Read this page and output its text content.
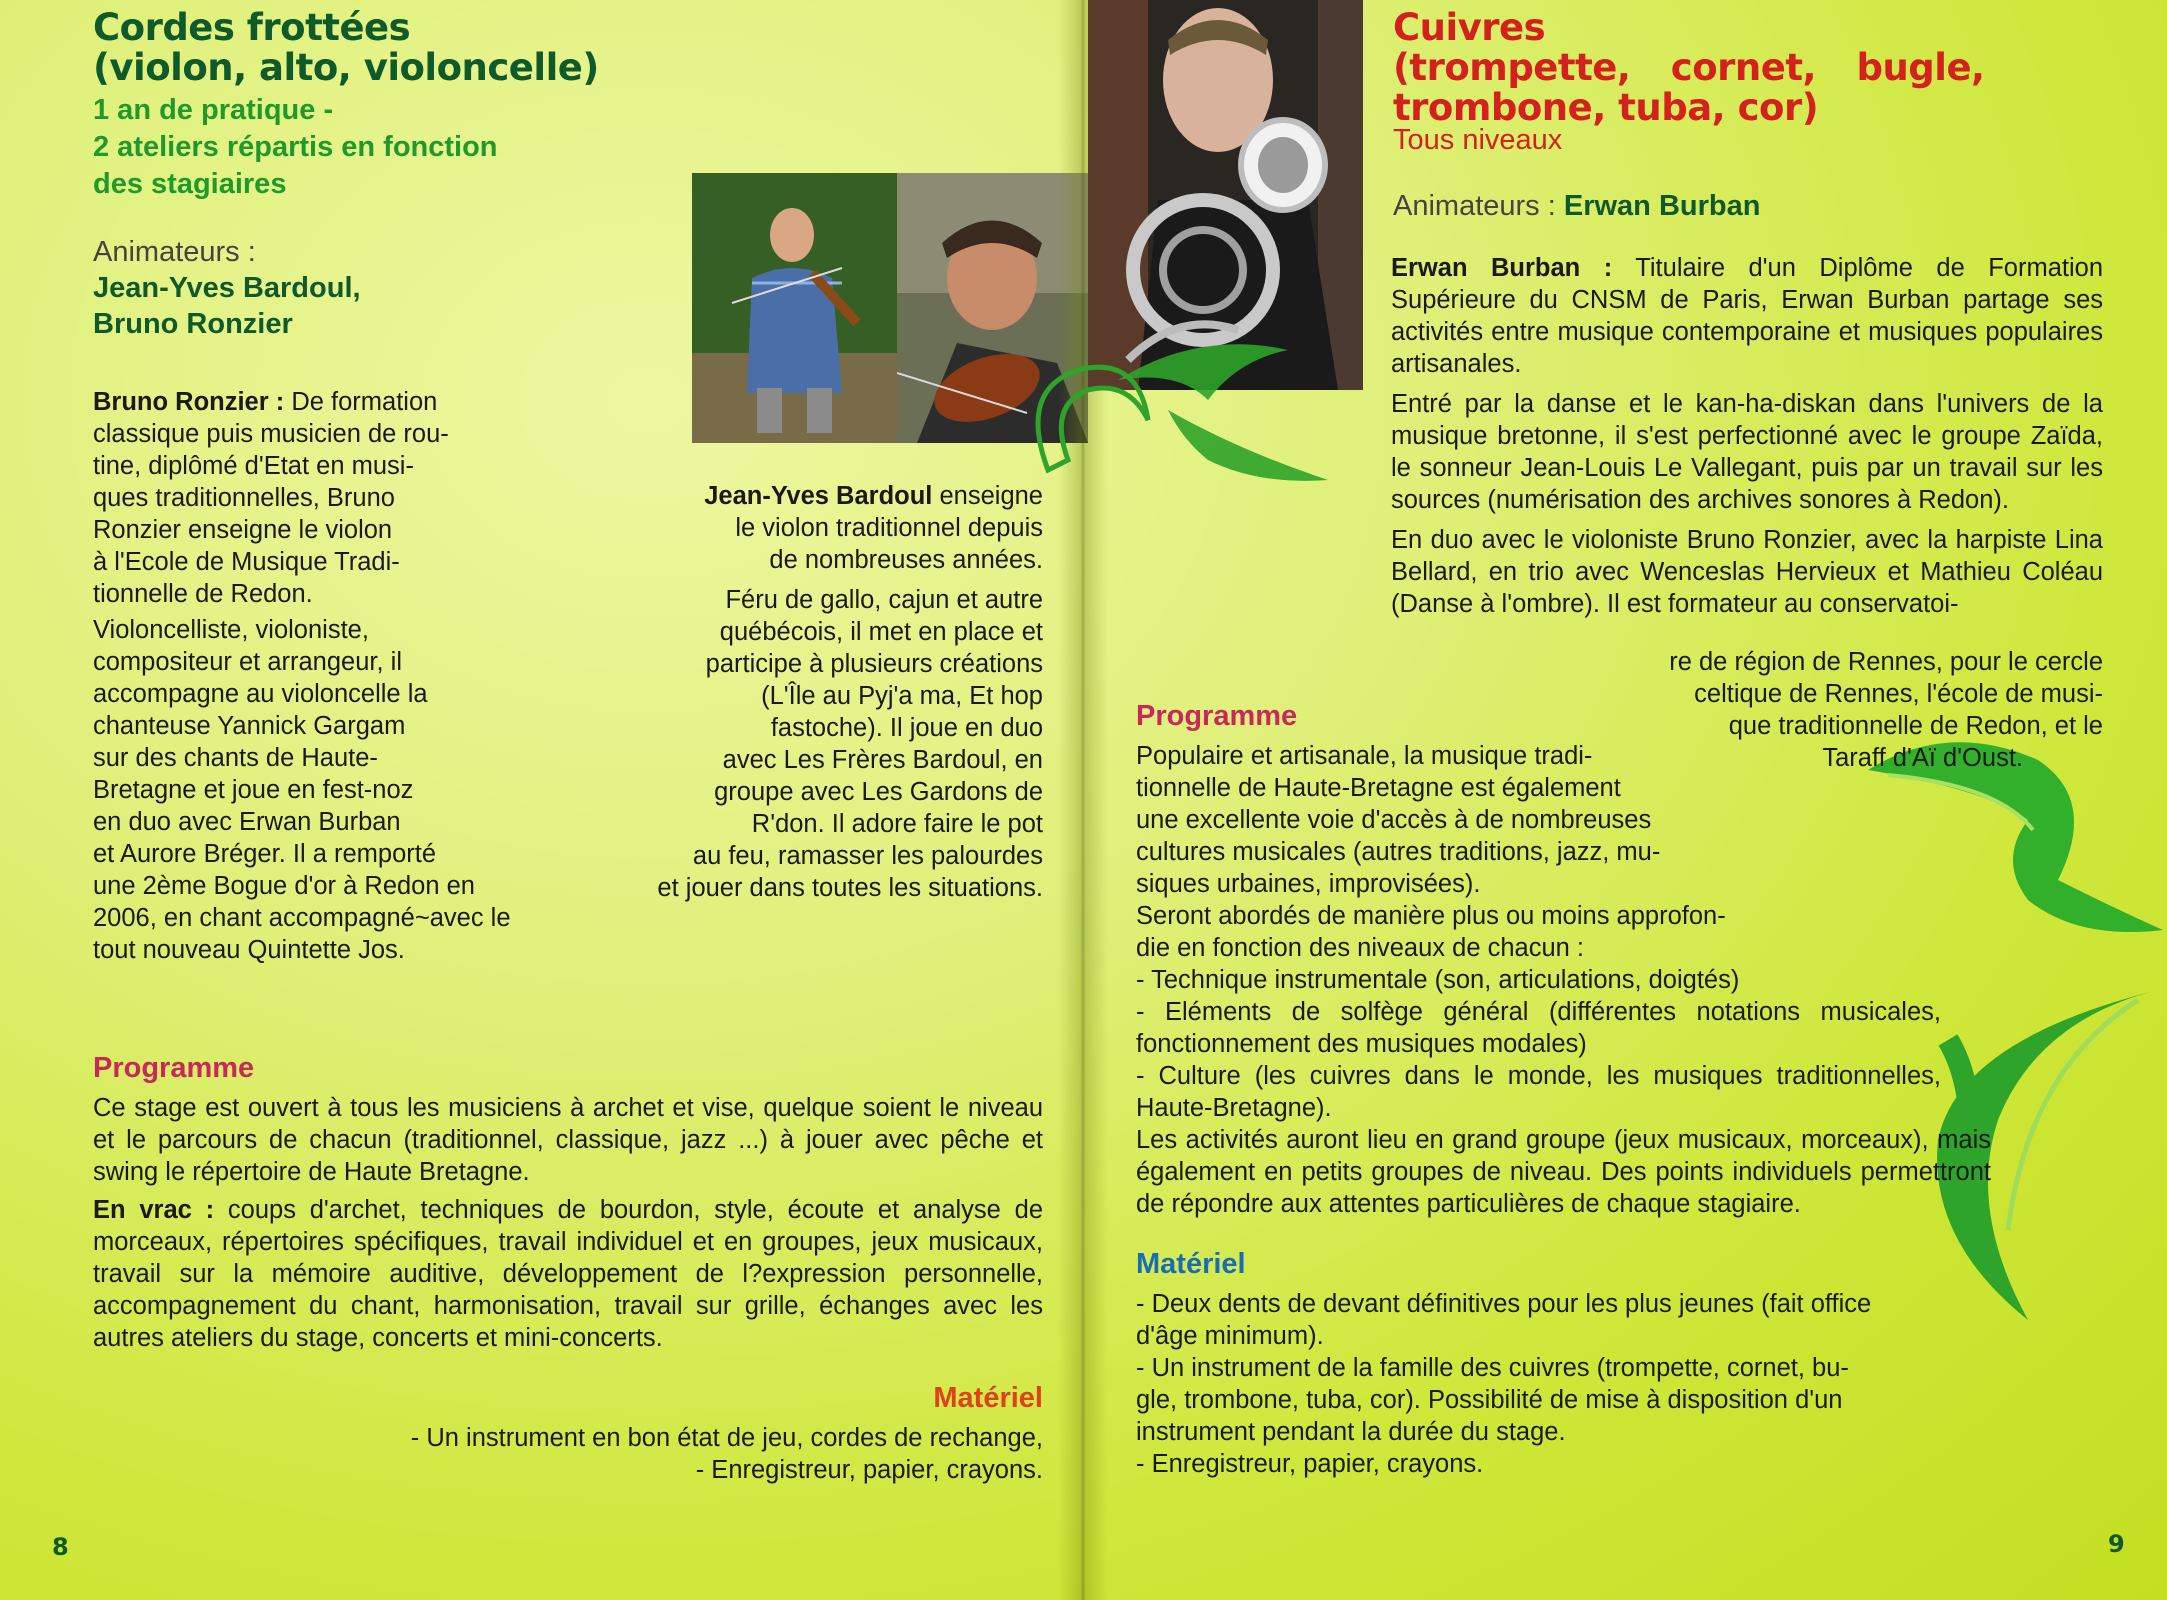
Cordes frottées
(violon, alto, violoncelle)
1 an de pratique -
2 ateliers répartis en fonction
des stagiaires
Animateurs :
Jean-Yves Bardoul,
Bruno Ronzier

Bruno Ronzier : De formation

classique puis musicien de rou-

tine, diplômé d'Etat en musi-

ques traditionnelles, Bruno

Ronzier enseigne le violon

à l'Ecole de Musique Tradi-

tionnelle de Redon.

Violoncelliste, violoniste,

compositeur et arrangeur, il

accompagne au violoncelle la

chanteuse Yannick Gargam

sur des chants de Haute-

Bretagne et joue en fest-noz

en duo avec Erwan Burban

et Aurore Bréger. Il a remporté

une 2ème Bogue d'or à Redon en

2006, en chant accompagné~avec le

tout nouveau Quintette Jos.

Jean-Yves Bardoul enseigne

le violon traditionnel depuis

de nombreuses années.

Féru de gallo, cajun et autre

québécois, il met en place et

participe à plusieurs créations

(L'Île au Pyj'a ma, Et hop

fastoche). Il joue en duo

avec Les Frères Bardoul, en

groupe avec Les Gardons de

R'don. Il adore faire le pot

au feu, ramasser les palourdes

et jouer dans toutes les situations.

Programme

Ce stage est ouvert à tous les musiciens à archet et vise, quelque soient le niveau et le parcours de chacun (traditionnel, classique, jazz ...) à jouer avec pêche et swing le répertoire de Haute Bretagne.

En vrac : coups d'archet, techniques de bourdon, style, écoute et analyse de morceaux, répertoires spécifiques, travail individuel et en groupes, jeux musicaux, travail sur la mémoire auditive, développement de l?expression personnelle, accompagnement du chant, harmonisation, travail sur grille, échanges avec les autres ateliers du stage, concerts et mini-concerts.

Matériel

- Un instrument en bon état de jeu, cordes de rechange,

- Enregistreur, papier, crayons.

8
Cuivres
(trompette, cornet, bugle,
trombone, tuba, cor)
Tous niveaux
Animateurs : Erwan Burban

Erwan Burban : Titulaire d'un Diplôme de Formation Supérieure du CNSM de Paris, Erwan Burban partage ses activités entre musique contemporaine et musiques populaires artisanales.

Entré par la danse et le kan-ha-diskan dans l'univers de la musique bretonne, il s'est perfectionné avec le groupe Zaïda, le sonneur Jean-Louis Le Vallegant, puis par un travail sur les sources (numérisation des archives sonores à Redon).

En duo avec le violoniste Bruno Ronzier, avec la harpiste Lina Bellard, en trio avec Wenceslas Hervieux et Mathieu Coléau (Danse à l'ombre). Il est formateur au conservatoi-

re de région de Rennes, pour le cercle

celtique de Rennes, l'école de musi-

que traditionnelle de Redon, et le

Taraff d'Aï d'Oust.

Programme

Populaire et artisanale, la musique tradi-

tionnelle de Haute-Bretagne est également

une excellente voie d'accès à de nombreuses

cultures musicales (autres traditions, jazz, mu-

siques urbaines, improvisées).

Seront abordés de manière plus ou moins approfon-

die en fonction des niveaux de chacun :

- Technique instrumentale (son, articulations, doigtés)

- Eléments de solfège général (différentes notations musicales, fonctionnement des musiques modales)

- Culture (les cuivres dans le monde, les musiques traditionnelles, Haute-Bretagne).

Les activités auront lieu en grand groupe (jeux musicaux, morceaux), mais également en petits groupes de niveau. Des points individuels permettront de répondre aux attentes particulières de chaque stagiaire.

Matériel

- Deux dents de devant définitives pour les plus jeunes (fait office

d'âge minimum).

- Un instrument de la famille des cuivres (trompette, cornet, bu-

gle, trombone, tuba, cor). Possibilité de mise à disposition d'un

instrument pendant la durée du stage.

- Enregistreur, papier, crayons.

9
